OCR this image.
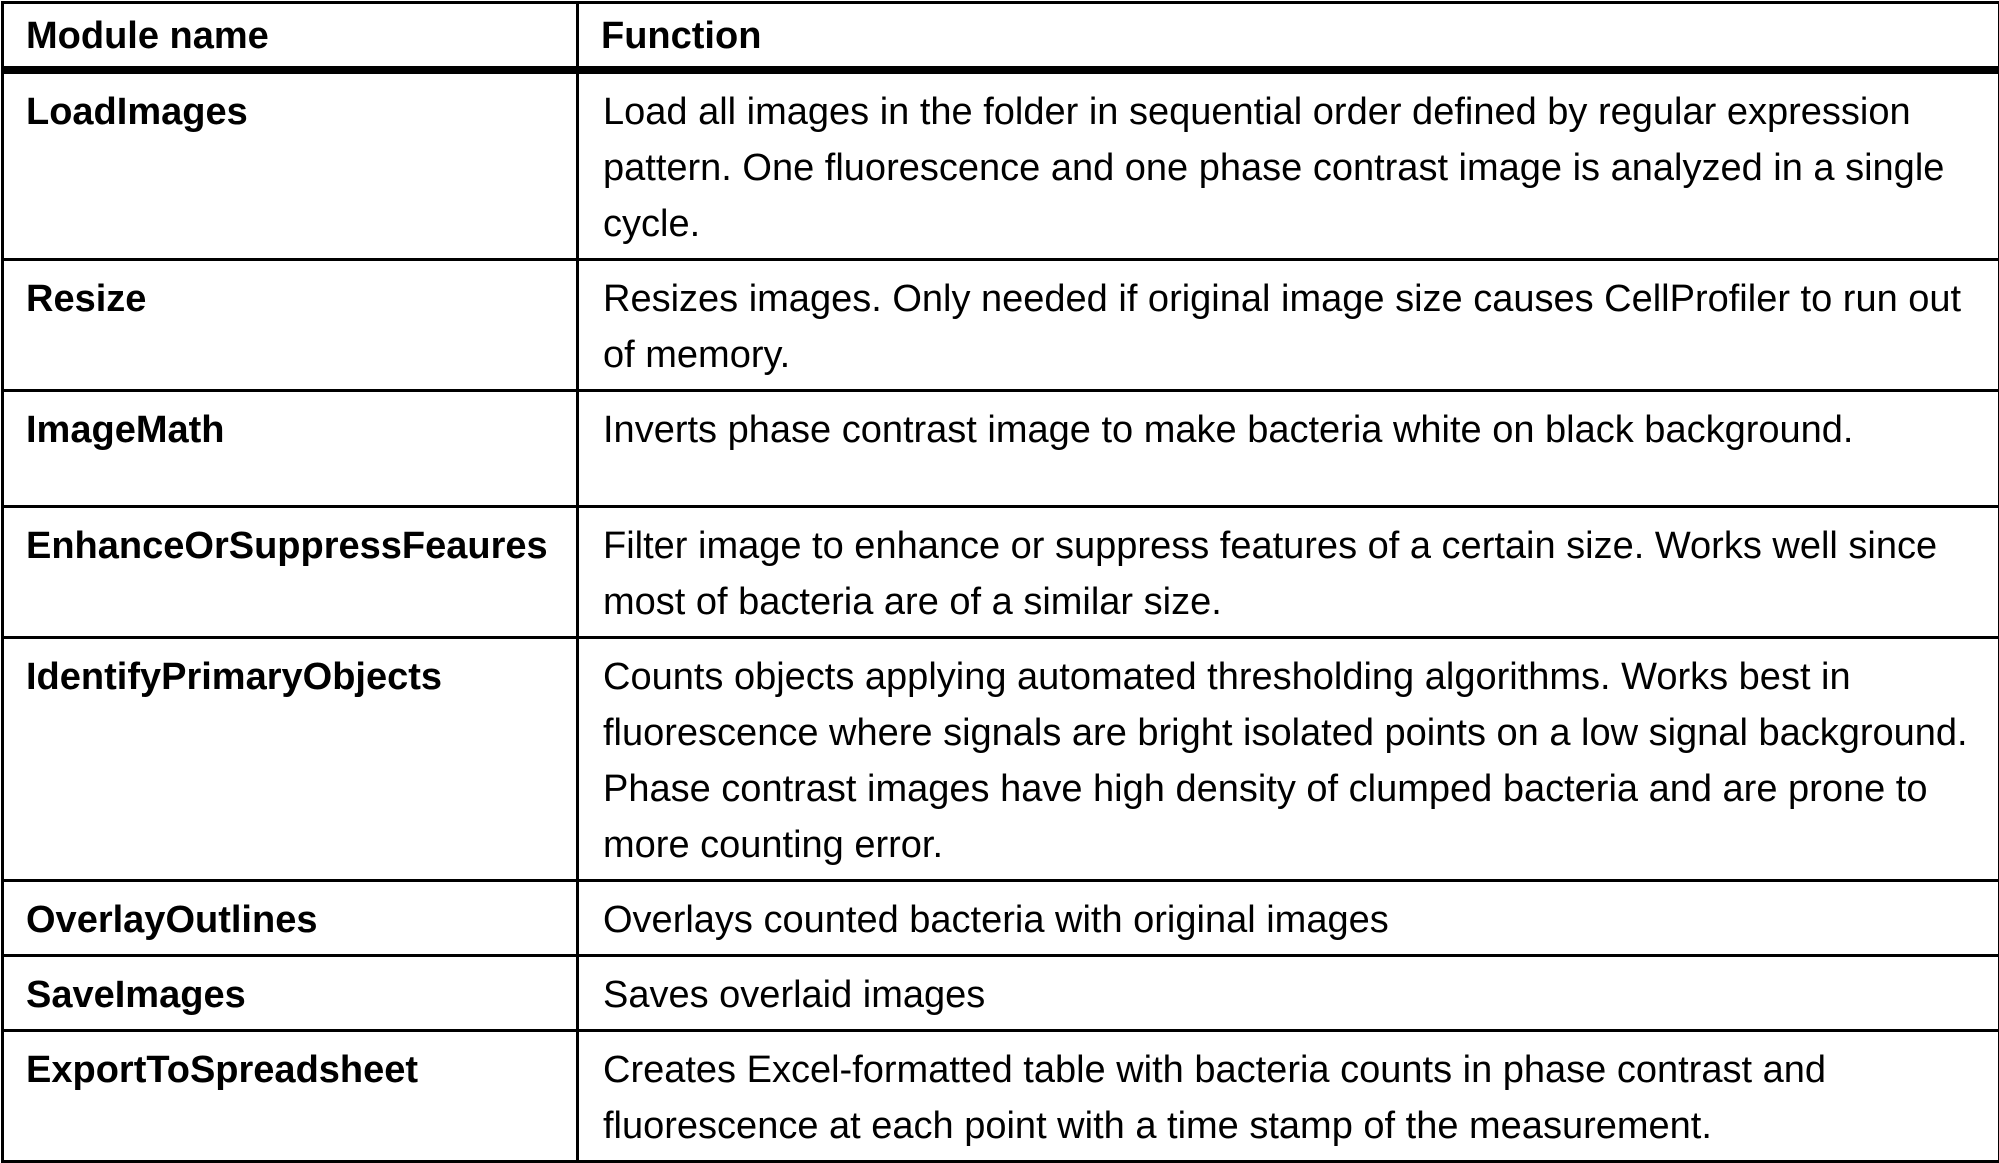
Module name	Function
LoadImages	Load all images in the folder in sequential order defined by regular expression pattern. One fluorescence and one phase contrast image is analyzed in a single cycle.
Resize	Resizes images. Only needed if original image size causes CellProfiler to run out of memory.
ImageMath	Inverts phase contrast image to make bacteria white on black background.
EnhanceOrSuppressFeaures	Filter image to enhance or suppress features of a certain size. Works well since most of bacteria are of a similar size.
IdentifyPrimaryObjects	Counts objects applying automated thresholding algorithms. Works best in fluorescence where signals are bright isolated points on a low signal background. Phase contrast images have high density of clumped bacteria and are prone to more counting error.
OverlayOutlines	Overlays counted bacteria with original images
SaveImages	Saves overlaid images
ExportToSpreadsheet	Creates Excel-formatted table with bacteria counts in phase contrast and fluorescence at each point with a time stamp of the measurement.
